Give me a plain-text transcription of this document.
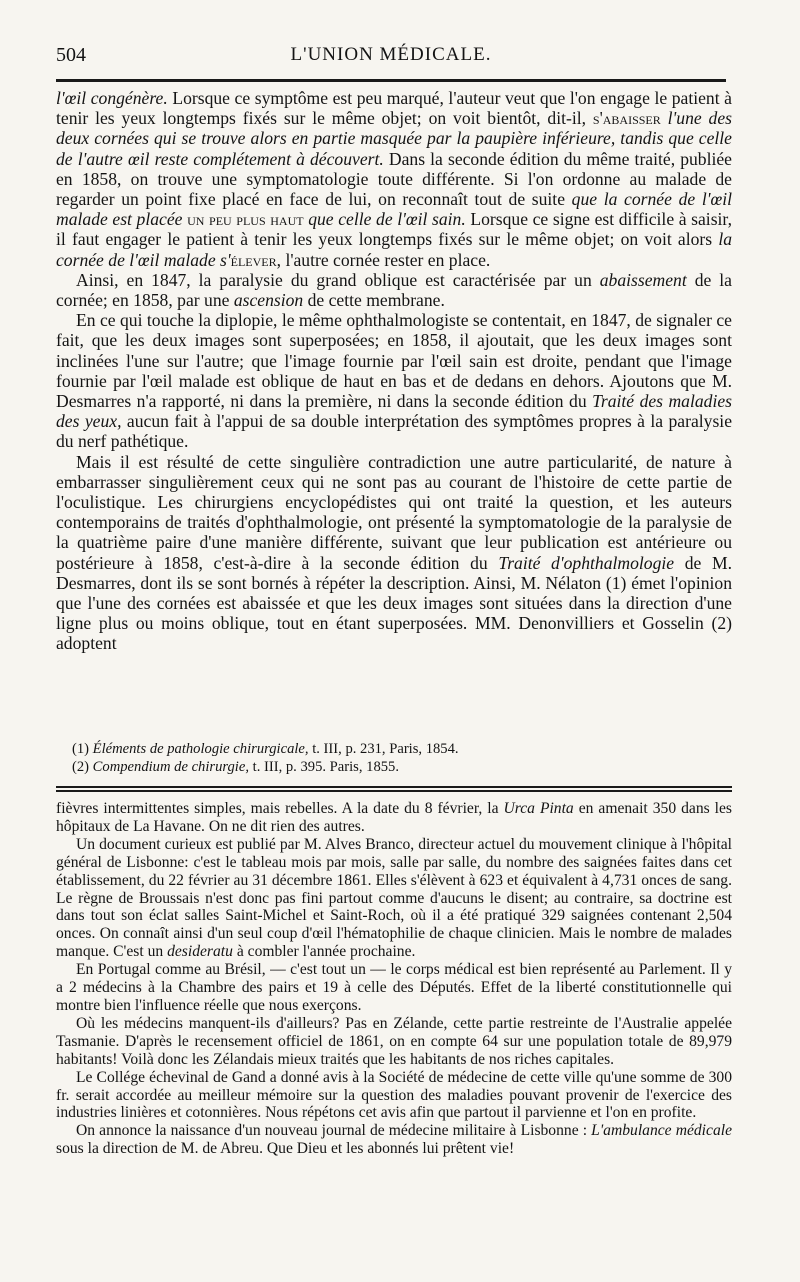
504	L'UNION MÉDICALE.

l'œil congénère. Lorsque ce symptôme est peu marqué, l'auteur veut que l'on engage le patient à tenir les yeux longtemps fixés sur le même objet; on voit bientôt, dit-il, s'abaisser l'une des deux cornées qui se trouve alors en partie masquée par la paupière inférieure, tandis que celle de l'autre œil reste complétement à découvert. Dans la seconde édition du même traité, publiée en 1858, on trouve une symptomatologie toute différente. Si l'on ordonne au malade de regarder un point fixe placé en face de lui, on reconnaît tout de suite que la cornée de l'œil malade est placée un peu plus haut que celle de l'œil sain. Lorsque ce signe est difficile à saisir, il faut engager le patient à tenir les yeux longtemps fixés sur le même objet; on voit alors la cornée de l'œil malade s'élever, l'autre cornée rester en place.

Ainsi, en 1847, la paralysie du grand oblique est caractérisée par un abaissement de la cornée; en 1858, par une ascension de cette membrane.

En ce qui touche la diplopie, le même ophthalmologiste se contentait, en 1847, de signaler ce fait, que les deux images sont superposées; en 1858, il ajoutait, que les deux images sont inclinées l'une sur l'autre; que l'image fournie par l'œil sain est droite, pendant que l'image fournie par l'œil malade est oblique de haut en bas et de dedans en dehors. Ajoutons que M. Desmarres n'a rapporté, ni dans la première, ni dans la seconde édition du Traité des maladies des yeux, aucun fait à l'appui de sa double interprétation des symptômes propres à la paralysie du nerf pathétique.

Mais il est résulté de cette singulière contradiction une autre particularité, de nature à embarrasser singulièrement ceux qui ne sont pas au courant de l'histoire de cette partie de l'oculistique. Les chirurgiens encyclopédistes qui ont traité la question, et les auteurs contemporains de traités d'ophthalmologie, ont présenté la symptomatologie de la paralysie de la quatrième paire d'une manière différente, suivant que leur publication est antérieure ou postérieure à 1858, c'est-à-dire à la seconde édition du Traité d'ophthalmologie de M. Desmarres, dont ils se sont bornés à répéter la description. Ainsi, M. Nélaton (1) émet l'opinion que l'une des cornées est abaissée et que les deux images sont situées dans la direction d'une ligne plus ou moins oblique, tout en étant superposées. MM. Denonvilliers et Gosselin (2) adoptent

(1) Éléments de pathologie chirurgicale, t. III, p. 231, Paris, 1854.
(2) Compendium de chirurgie, t. III, p. 395. Paris, 1855.

fièvres intermittentes simples, mais rebelles. A la date du 8 février, la Urca Pinta en amenait 350 dans les hôpitaux de La Havane. On ne dit rien des autres.

Un document curieux est publié par M. Alves Branco, directeur actuel du mouvement clinique à l'hôpital général de Lisbonne: c'est le tableau mois par mois, salle par salle, du nombre des saignées faites dans cet établissement, du 22 février au 31 décembre 1861. Elles s'élèvent à 623 et équivalent à 4,731 onces de sang. Le règne de Broussais n'est donc pas fini partout comme d'aucuns le disent; au contraire, sa doctrine est dans tout son éclat salles Saint-Michel et Saint-Roch, où il a été pratiqué 329 saignées contenant 2,504 onces. On connaît ainsi d'un seul coup d'œil l'hématophilie de chaque clinicien. Mais le nombre de malades manque. C'est un desideratu à combler l'année prochaine.

En Portugal comme au Brésil, — c'est tout un — le corps médical est bien représenté au Parlement. Il y a 2 médecins à la Chambre des pairs et 19 à celle des Députés. Effet de la liberté constitutionnelle qui montre bien l'influence réelle que nous exerçons.

Où les médecins manquent-ils d'ailleurs? Pas en Zélande, cette partie restreinte de l'Australie appelée Tasmanie. D'après le recensement officiel de 1861, on en compte 64 sur une population totale de 89,979 habitants! Voilà donc les Zélandais mieux traités que les habitants de nos riches capitales.

Le Collége échevinal de Gand a donné avis à la Société de médecine de cette ville qu'une somme de 300 fr. serait accordée au meilleur mémoire sur la question des maladies pouvant provenir de l'exercice des industries linières et cotonnières. Nous répétons cet avis afin que partout il parvienne et l'on en profite.

On annonce la naissance d'un nouveau journal de médecine militaire à Lisbonne : L'ambulance médicale sous la direction de M. de Abreu. Que Dieu et les abonnés lui prêtent vie!
